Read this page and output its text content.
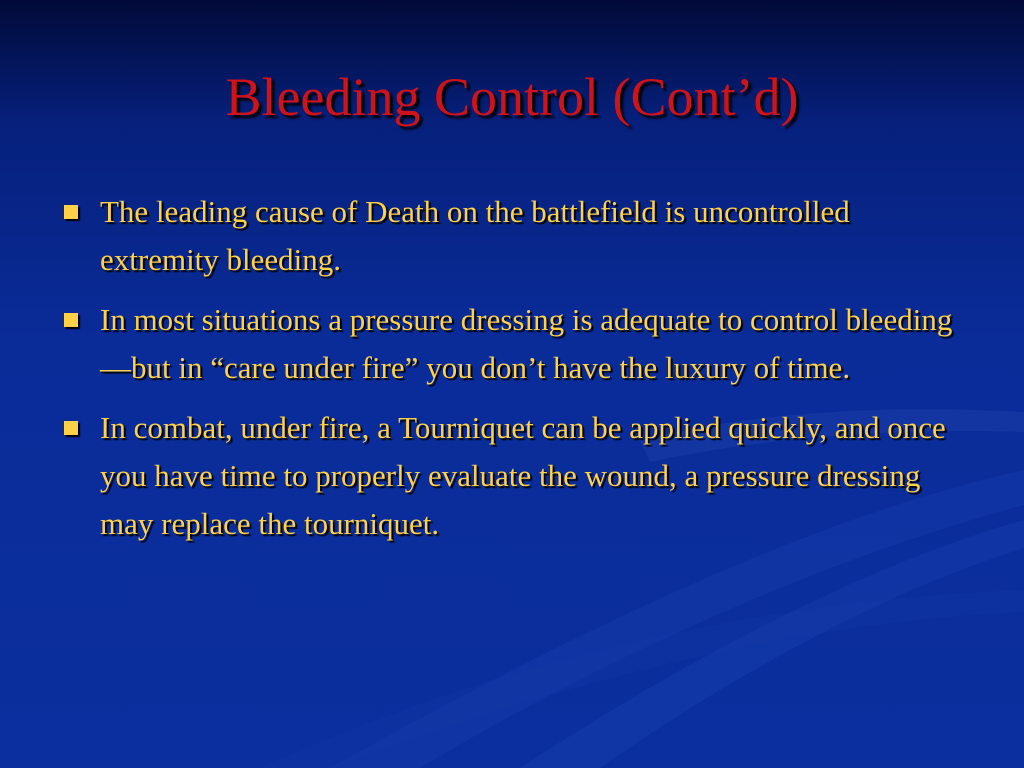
Bleeding Control (Cont’d)
The leading cause of Death on the battlefield is uncontrolled extremity bleeding.
In most situations a pressure dressing is adequate to control bleeding—but in “care under fire” you don’t have the luxury of time.
In combat, under fire, a Tourniquet can be applied quickly, and once you have time to properly evaluate the wound, a pressure dressing may replace the tourniquet.
